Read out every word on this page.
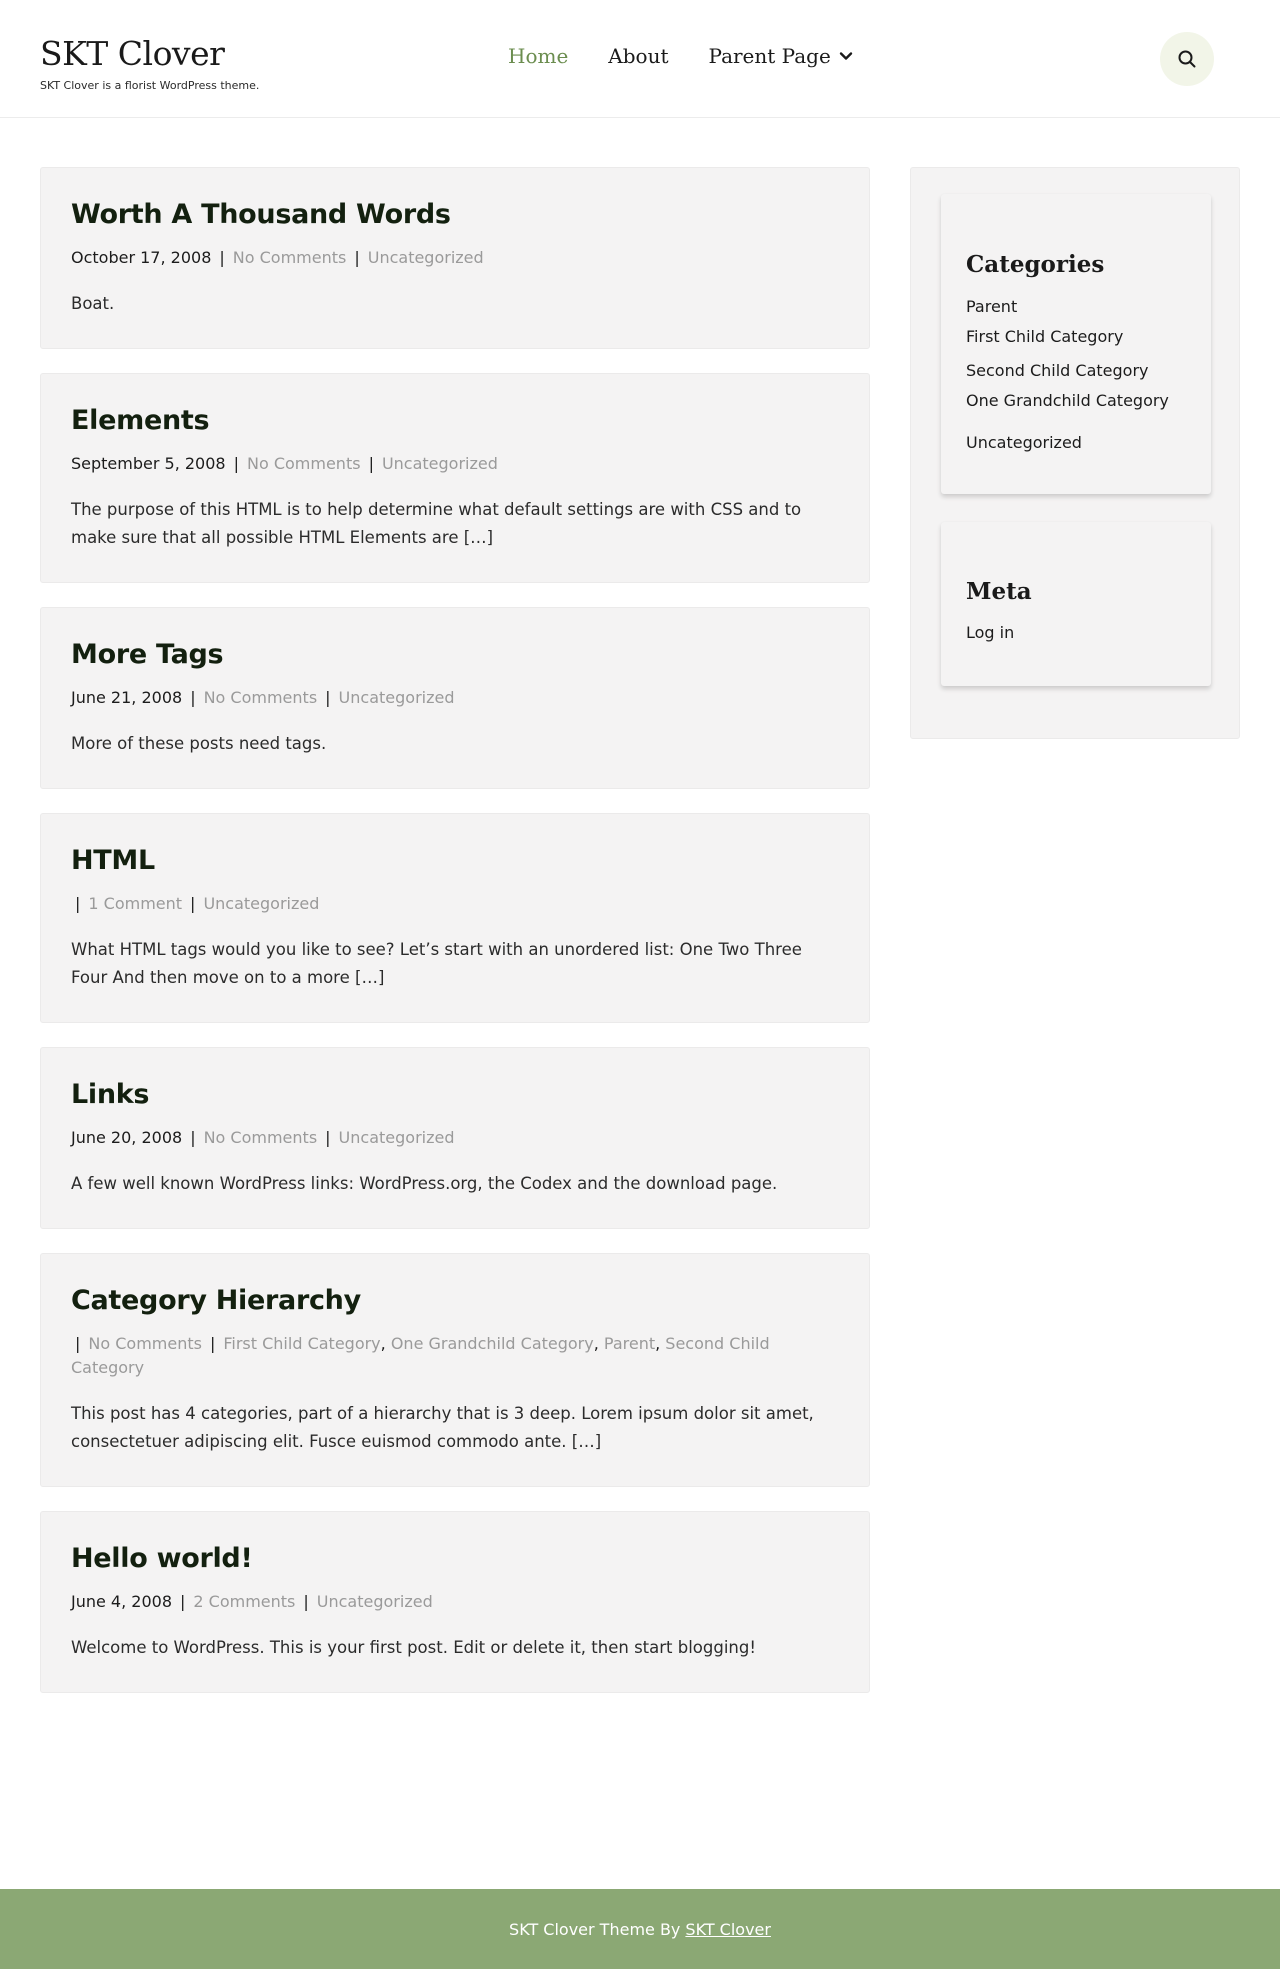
SKT Clover
SKT Clover is a florist WordPress theme.
Home About Parent Page
Worth A Thousand Words
October 17, 2008 | No Comments | Uncategorized

Boat.

Elements
September 5, 2008 | No Comments | Uncategorized

The purpose of this HTML is to help determine what default settings are with CSS and to make sure that all possible HTML Elements are […]

More Tags
June 21, 2008 | No Comments | Uncategorized

More of these posts need tags.

HTML
| 1 Comment | Uncategorized

What HTML tags would you like to see? Let’s start with an unordered list: One Two Three Four And then move on to a more […]

Links
June 20, 2008 | No Comments | Uncategorized

A few well known WordPress links: WordPress.org, the Codex and the download page.

Category Hierarchy
| No Comments | First Child Category, One Grandchild Category, Parent, Second Child Category

This post has 4 categories, part of a hierarchy that is 3 deep. Lorem ipsum dolor sit amet, consectetuer adipiscing elit. Fusce euismod commodo ante. […]

Hello world!
June 4, 2008 | 2 Comments | Uncategorized

Welcome to WordPress. This is your first post. Edit or delete it, then start blogging!

Categories
Parent
First Child Category
Second Child Category
One Grandchild Category
Uncategorized
Meta
Log in
SKT Clover Theme By SKT Clover
